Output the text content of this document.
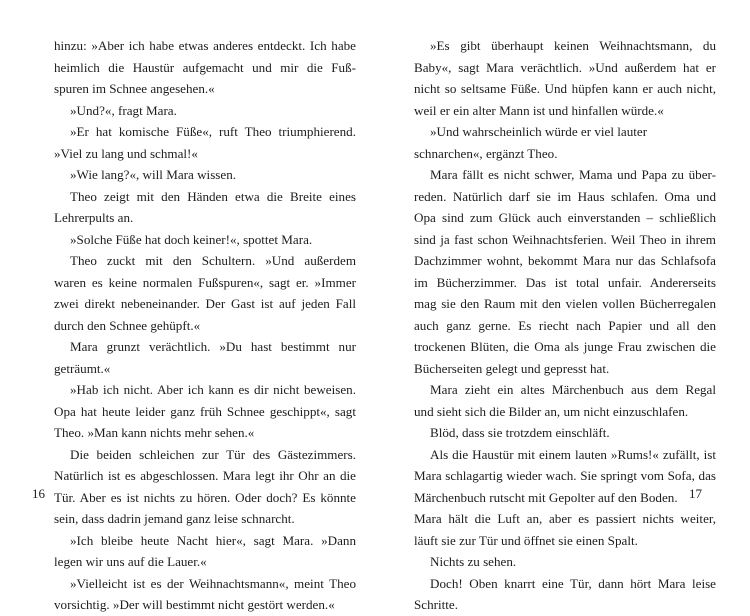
hinzu: »Aber ich habe etwas anderes entdeckt. Ich habe
heimlich die Haustür aufgemacht und mir die Fuß-
spuren im Schnee angesehen.«
»Und?«, fragt Mara.
»Er hat komische Füße«, ruft Theo triumphierend.
»Viel zu lang und schmal!«
»Wie lang?«, will Mara wissen.
Theo zeigt mit den Händen etwa die Breite eines
Lehrerpults an.
»Solche Füße hat doch keiner!«, spottet Mara.
Theo zuckt mit den Schultern. »Und außerdem
waren es keine normalen Fußspuren«, sagt er. »Immer
zwei direkt nebeneinander. Der Gast ist auf jeden Fall
durch den Schnee gehüpft.«
Mara grunzt verächtlich. »Du hast bestimmt nur
geträumt.«
»Hab ich nicht. Aber ich kann es dir nicht beweisen.
Opa hat heute leider ganz früh Schnee geschippt«, sagt
Theo. »Man kann nichts mehr sehen.«
Die beiden schleichen zur Tür des Gästezimmers.
Natürlich ist es abgeschlossen. Mara legt ihr Ohr an die
Tür. Aber es ist nichts zu hören. Oder doch? Es könnte
sein, dass dadrin jemand ganz leise schnarcht.
»Ich bleibe heute Nacht hier«, sagt Mara. »Dann
legen wir uns auf die Lauer.«
»Vielleicht ist es der Weihnachtsmann«, meint Theo
vorsichtig. »Der will bestimmt nicht gestört werden.«
»Es gibt überhaupt keinen Weihnachtsmann, du
Baby«, sagt Mara verächtlich. »Und außerdem hat er
nicht so seltsame Füße. Und hüpfen kann er auch nicht,
weil er ein alter Mann ist und hinfallen würde.«
»Und wahrscheinlich würde er viel lauter
schnarchen«, ergänzt Theo.
Mara fällt es nicht schwer, Mama und Papa zu über-
reden. Natürlich darf sie im Haus schlafen. Oma und
Opa sind zum Glück auch einverstanden – schließlich
sind ja fast schon Weihnachtsferien. Weil Theo in ihrem
Dachzimmer wohnt, bekommt Mara nur das Schlafsofa
im Bücherzimmer. Das ist total unfair. Andererseits
mag sie den Raum mit den vielen vollen Bücherregalen
auch ganz gerne. Es riecht nach Papier und all den
trockenen Blüten, die Oma als junge Frau zwischen die
Bücherseiten gelegt und gepresst hat.
Mara zieht ein altes Märchenbuch aus dem Regal
und sieht sich die Bilder an, um nicht einzuschlafen.
Blöd, dass sie trotzdem einschläft.
Als die Haustür mit einem lauten »Rums!« zufällt, ist
Mara schlagartig wieder wach. Sie springt vom Sofa, das
Märchenbuch rutscht mit Gepolter auf den Boden.
Mara hält die Luft an, aber es passiert nichts weiter,
läuft sie zur Tür und öffnet sie einen Spalt.
Nichts zu sehen.
Doch! Oben knarrt eine Tür, dann hört Mara leise
Schritte.
16	17
